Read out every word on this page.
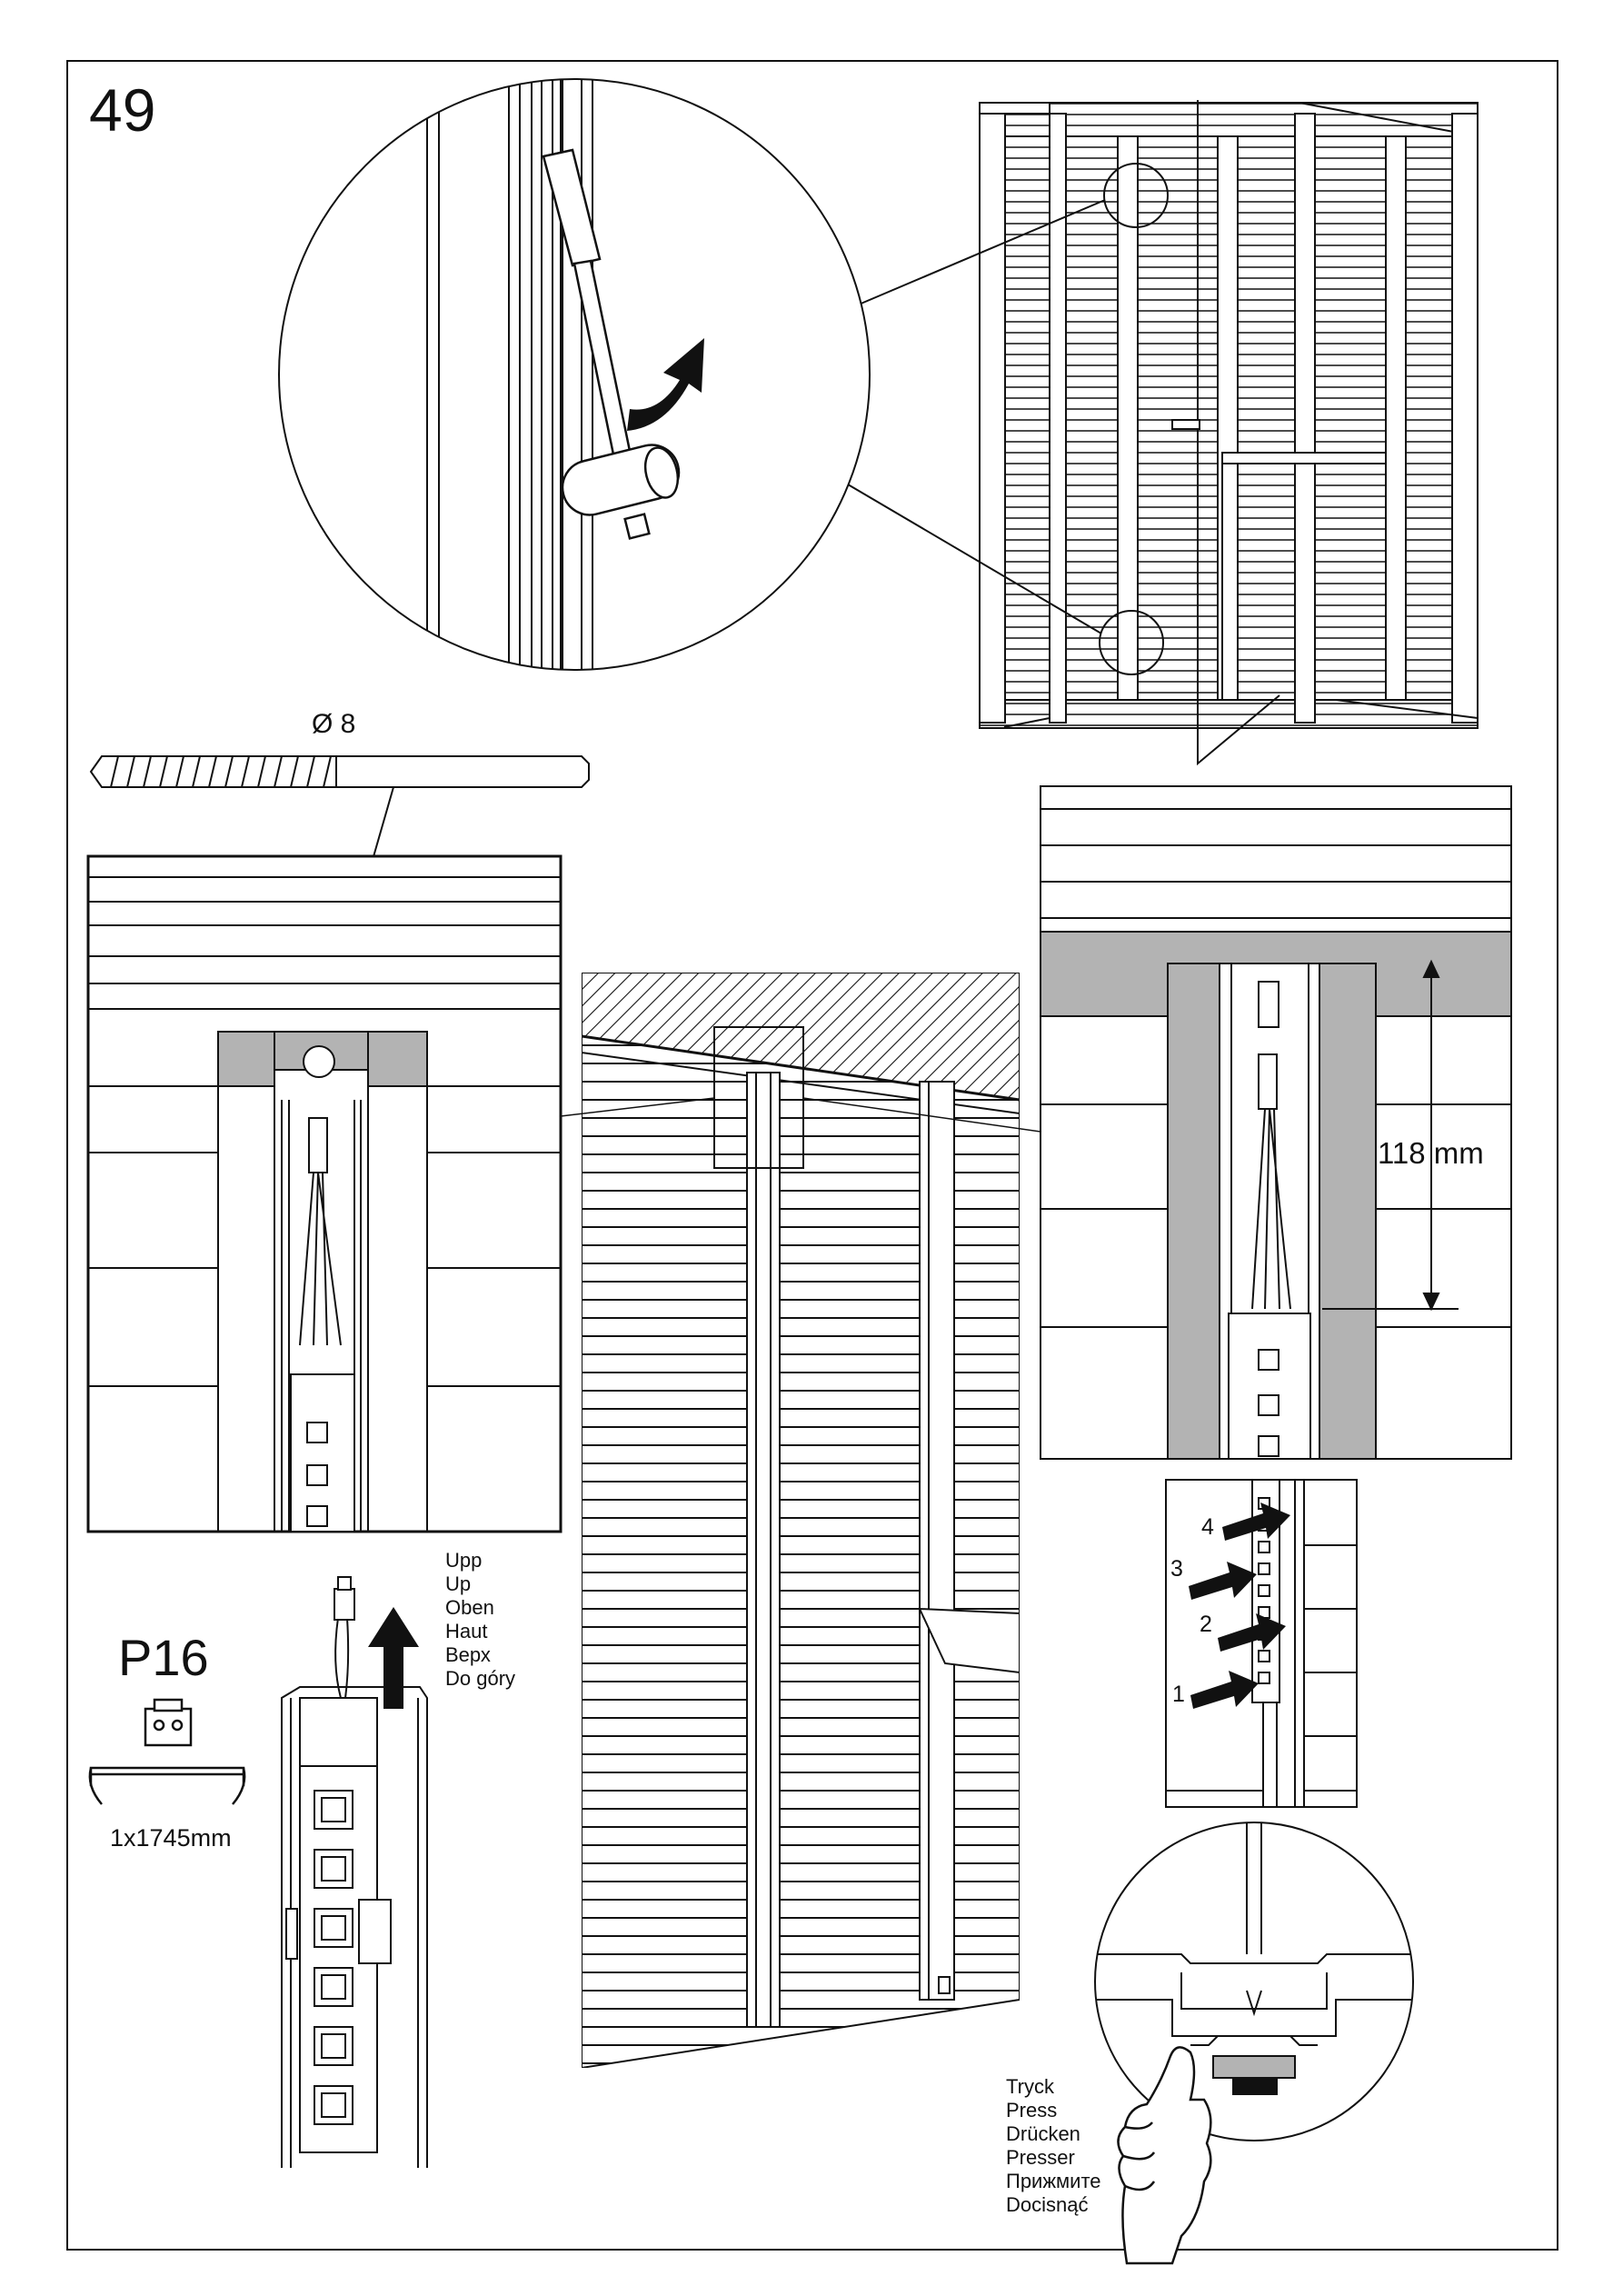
49
Ø 8
118 mm
P16
1x1745mm
Upp
Up
Oben
Haut
Верх
Do góry
Tryck
Press
Drücken
Presser
Прижмите
Docisnąć
1
2
3
4
